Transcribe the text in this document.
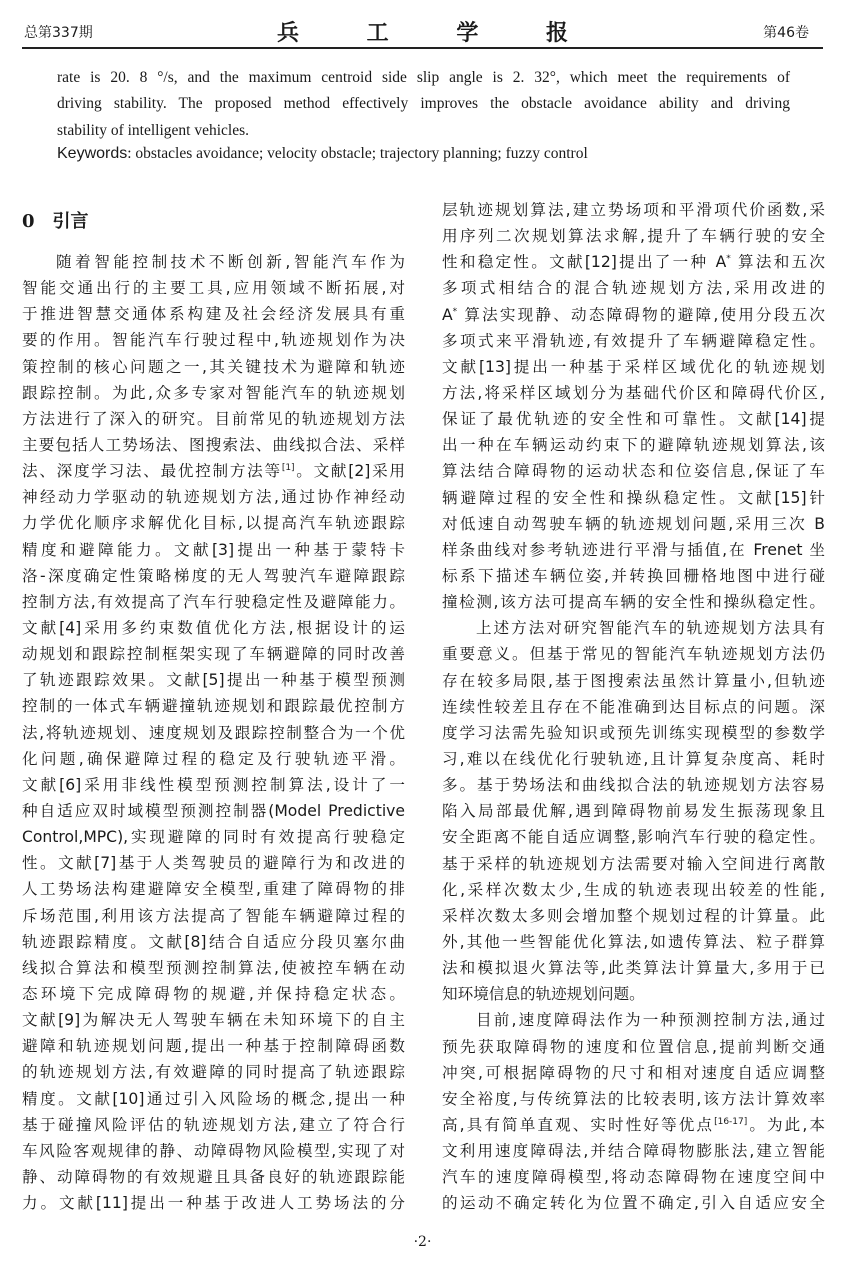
总第337期	兵 工 学 报	第46卷
rate is 20. 8 °/s, and the maximum centroid side slip angle is 2. 32°, which meet the requirements of
driving stability. The proposed method effectively improves the obstacle avoidance ability and driving
stability of intelligent vehicles.
Keywords: obstacles avoidance; velocity obstacle; trajectory planning; fuzzy control
0 引言
随着智能控制技术不断创新,智能汽车作为
智能交通出行的主要工具,应用领域不断拓展,对
于推进智慧交通体系构建及社会经济发展具有重
要的作用。智能汽车行驶过程中,轨迹规划作为决
策控制的核心问题之一,其关键技术为避障和轨迹
跟踪控制。为此,众多专家对智能汽车的轨迹规划
方法进行了深入的研究。目前常见的轨迹规划方法
主要包括人工势场法、图搜索法、曲线拟合法、采样
法、深度学习法、最优控制方法等[1]。文献[2]采用
神经动力学驱动的轨迹规划方法,通过协作神经动
力学优化顺序求解优化目标,以提高汽车轨迹跟踪
精度和避障能力。文献[3]提出一种基于蒙特卡
洛-深度确定性策略梯度的无人驾驶汽车避障跟踪
控制方法,有效提高了汽车行驶稳定性及避障能力。
文献[4]采用多约束数值优化方法,根据设计的运
动规划和跟踪控制框架实现了车辆避障的同时改善
了轨迹跟踪效果。文献[5]提出一种基于模型预测
控制的一体式车辆避撞轨迹规划和跟踪最优控制方
法,将轨迹规划、速度规划及跟踪控制整合为一个优
化问题,确保避障过程的稳定及行驶轨迹平滑。
文献[6]采用非线性模型预测控制算法,设计了一
种自适应双时域模型预测控制器(Model Predictive
Control,MPC),实现避障的同时有效提高行驶稳定
性。文献[7]基于人类驾驶员的避障行为和改进的
人工势场法构建避障安全模型,重建了障碍物的排
斥场范围,利用该方法提高了智能车辆避障过程的
轨迹跟踪精度。文献[8]结合自适应分段贝塞尔曲
线拟合算法和模型预测控制算法,使被控车辆在动
态环境下完成障碍物的规避,并保持稳定状态。
文献[9]为解决无人驾驶车辆在未知环境下的自主
避障和轨迹规划问题,提出一种基于控制障碍函数
的轨迹规划方法,有效避障的同时提高了轨迹跟踪
精度。文献[10]通过引入风险场的概念,提出一种
基于碰撞风险评估的轨迹规划方法,建立了符合行
车风险客观规律的静、动障碍物风险模型,实现了对
静、动障碍物的有效规避且具备良好的轨迹跟踪能
力。文献[11]提出一种基于改进人工势场法的分
层轨迹规划算法,建立势场项和平滑项代价函数,采
用序列二次规划算法求解,提升了车辆行驶的安全
性和稳定性。文献[12]提出了一种 A* 算法和五次
多项式相结合的混合轨迹规划方法,采用改进的
A* 算法实现静、动态障碍物的避障,使用分段五次
多项式来平滑轨迹,有效提升了车辆避障稳定性。
文献[13]提出一种基于采样区域优化的轨迹规划
方法,将采样区域划分为基础代价区和障碍代价区,
保证了最优轨迹的安全性和可靠性。文献[14]提
出一种在车辆运动约束下的避障轨迹规划算法,该
算法结合障碍物的运动状态和位姿信息,保证了车
辆避障过程的安全性和操纵稳定性。文献[15]针
对低速自动驾驶车辆的轨迹规划问题,采用三次 B
样条曲线对参考轨迹进行平滑与插值,在 Frenet 坐
标系下描述车辆位姿,并转换回栅格地图中进行碰
撞检测,该方法可提高车辆的安全性和操纵稳定性。
上述方法对研究智能汽车的轨迹规划方法具有
重要意义。但基于常见的智能汽车轨迹规划方法仍
存在较多局限,基于图搜索法虽然计算量小,但轨迹
连续性较差且存在不能准确到达目标点的问题。深
度学习法需先验知识或预先训练实现模型的参数学
习,难以在线优化行驶轨迹,且计算复杂度高、耗时
多。基于势场法和曲线拟合法的轨迹规划方法容易
陷入局部最优解,遇到障碍物前易发生振荡现象且
安全距离不能自适应调整,影响汽车行驶的稳定性。
基于采样的轨迹规划方法需要对输入空间进行离散
化,采样次数太少,生成的轨迹表现出较差的性能,
采样次数太多则会增加整个规划过程的计算量。此
外,其他一些智能优化算法,如遗传算法、粒子群算
法和模拟退火算法等,此类算法计算量大,多用于已
知环境信息的轨迹规划问题。
目前,速度障碍法作为一种预测控制方法,通过
预先获取障碍物的速度和位置信息,提前判断交通
冲突,可根据障碍物的尺寸和相对速度自适应调整
安全裕度,与传统算法的比较表明,该方法计算效率
高,具有简单直观、实时性好等优点[16-17]。为此,本
文利用速度障碍法,并结合障碍物膨胀法,建立智能
汽车的速度障碍模型,将动态障碍物在速度空间中
的运动不确定转化为位置不确定,引入自适应安全
·2·
